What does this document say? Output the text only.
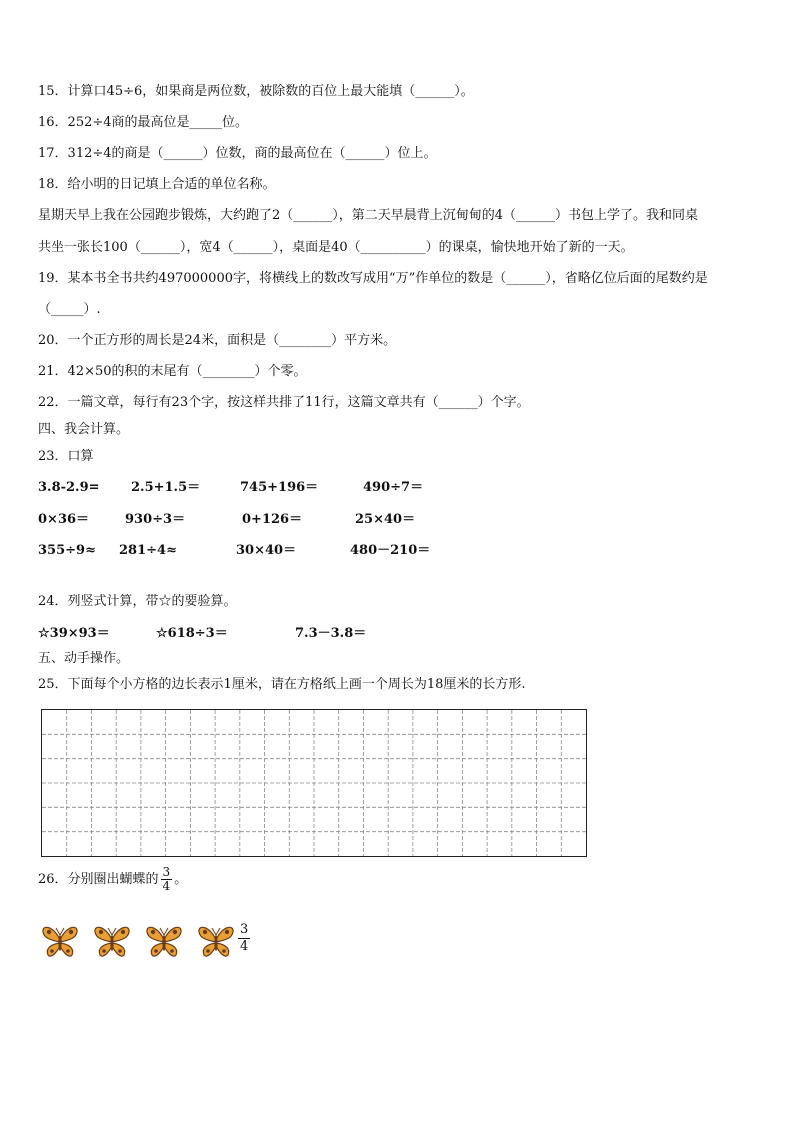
15．计算口45÷6，如果商是两位数，被除数的百位上最大能填（______）。
16．252÷4商的最高位是_____位。
17．312÷4的商是（______）位数，商的最高位在（______）位上。
18．给小明的日记填上合适的单位名称。
星期天早上我在公园跑步锻炼，大约跑了2（______），第二天早晨背上沉甸甸的4（______）书包上学了。我和同桌
共坐一张长100（______），宽4（______），桌面是40（__________）的课桌，愉快地开始了新的一天。
19．某本书全书共约497000000字，将横线上的数改写成用“万”作单位的数是（______），省略亿位后面的尾数约是
（_____）.
20．一个正方形的周长是24米，面积是（________）平方米。
21．42×50的积的末尾有（________）个零。
22．一篇文章，每行有23个字，按这样共排了11行，这篇文章共有（______）个字。
四、我会计算。
23．口算
3.8-2.9= 2.5+1.5＝	745+196＝	490÷7＝
0×36＝	930÷3＝	0+126＝	25×40＝
355÷9≈ 281÷4≈	30×40＝	480－210＝
24．列竖式计算，带☆的要验算。
☆39×93＝	☆618÷3＝	7.3－3.8＝
五、动手操作。
25．下面每个小方格的边长表示1厘米，请在方格纸上画一个周长为18厘米的长方形.
26．分别圈出蝴蝶的 $\frac{3}{4}$ 。
$\frac{3}{4}$
